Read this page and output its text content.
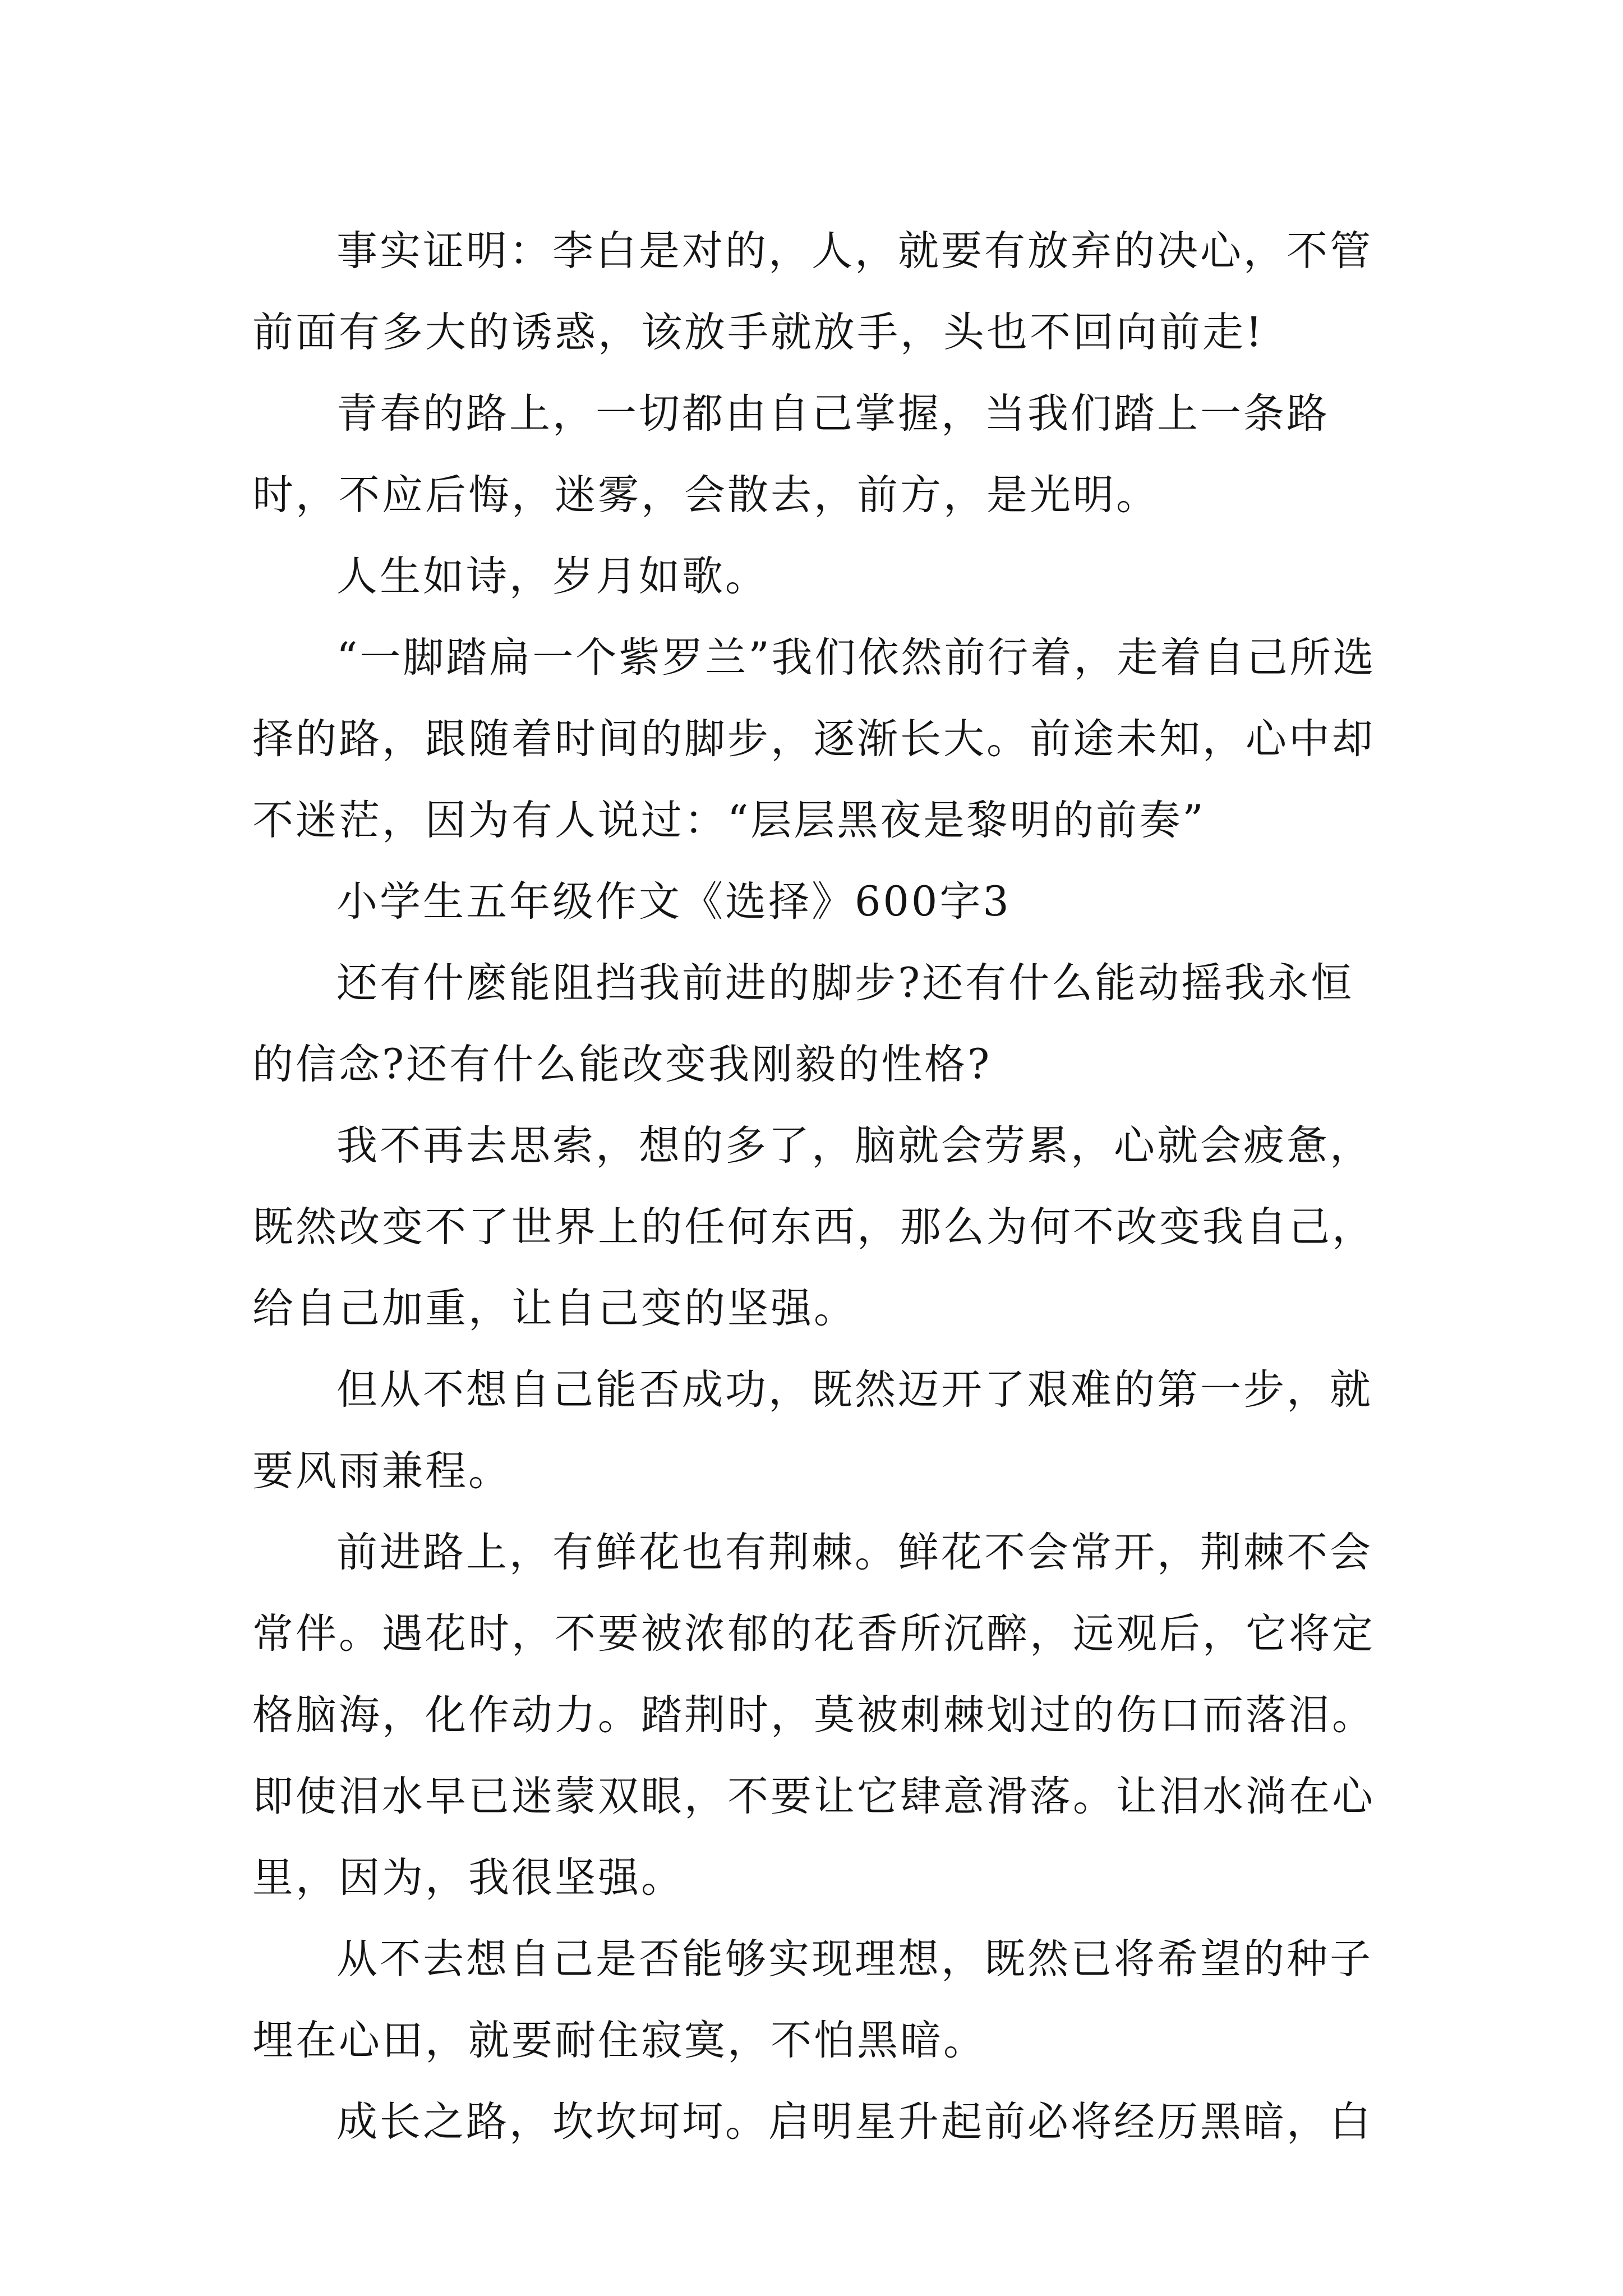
事实证明：李白是对的，人，就要有放弃的决心，不管前面有多大的诱惑，该放手就放手，头也不回向前走!

青春的路上，一切都由自己掌握，当我们踏上一条路时，不应后悔，迷雾，会散去，前方，是光明。

人生如诗，岁月如歌。

“一脚踏扁一个紫罗兰”我们依然前行着，走着自己所选择的路，跟随着时间的脚步，逐渐长大。前途未知，心中却不迷茫，因为有人说过：“层层黑夜是黎明的前奏”

小学生五年级作文《选择》600字3

还有什麽能阻挡我前进的脚步?还有什么能动摇我永恒的信念?还有什么能改变我刚毅的性格?

我不再去思索，想的多了，脑就会劳累，心就会疲惫，既然改变不了世界上的任何东西，那么为何不改变我自己，给自己加重，让自己变的坚强。

但从不想自己能否成功，既然迈开了艰难的第一步，就要风雨兼程。

前进路上，有鲜花也有荆棘。鲜花不会常开，荆棘不会常伴。遇花时，不要被浓郁的花香所沉醉，远观后，它将定格脑海，化作动力。踏荆时，莫被刺棘划过的伤口而落泪。即使泪水早已迷蒙双眼，不要让它肆意滑落。让泪水淌在心里，因为，我很坚强。

从不去想自己是否能够实现理想，既然已将希望的种子埋在心田，就要耐住寂寞，不怕黑暗。

成长之路，坎坎坷坷。启明星升起前必将经历黑暗，白
